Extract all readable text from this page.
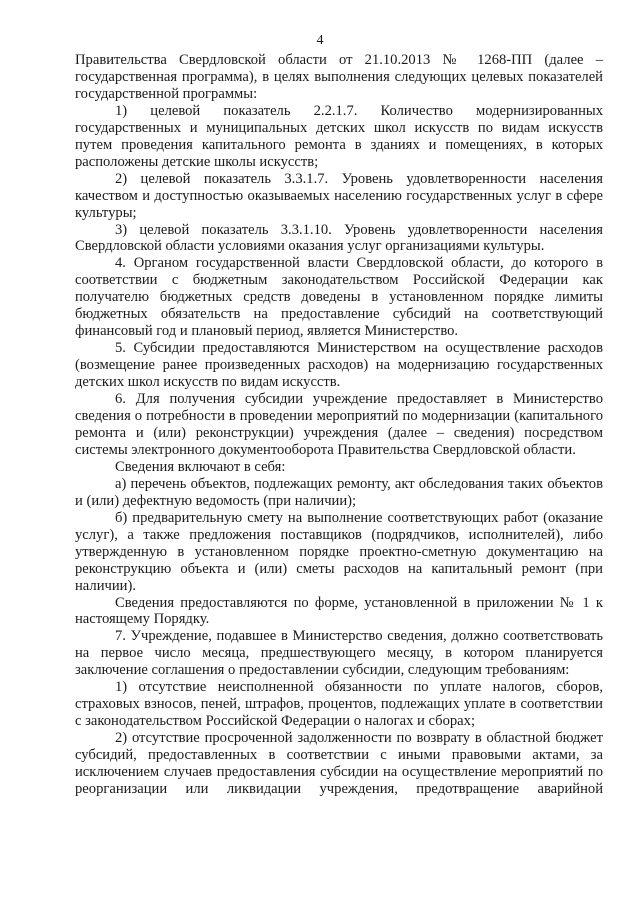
4

Правительства Свердловской области от 21.10.2013 № 1268-ПП (далее – государственная программа), в целях выполнения следующих целевых показателей государственной программы:

1) целевой показатель 2.2.1.7. Количество модернизированных государственных и муниципальных детских школ искусств по видам искусств путем проведения капитального ремонта в зданиях и помещениях, в которых расположены детские школы искусств;

2) целевой показатель 3.3.1.7. Уровень удовлетворенности населения качеством и доступностью оказываемых населению государственных услуг в сфере культуры;

3) целевой показатель 3.3.1.10. Уровень удовлетворенности населения Свердловской области условиями оказания услуг организациями культуры.

4. Органом государственной власти Свердловской области, до которого в соответствии с бюджетным законодательством Российской Федерации как получателю бюджетных средств доведены в установленном порядке лимиты бюджетных обязательств на предоставление субсидий на соответствующий финансовый год и плановый период, является Министерство.

5. Субсидии предоставляются Министерством на осуществление расходов (возмещение ранее произведенных расходов) на модернизацию государственных детских школ искусств по видам искусств.

6. Для получения субсидии учреждение предоставляет в Министерство сведения о потребности в проведении мероприятий по модернизации (капитального ремонта и (или) реконструкции) учреждения (далее – сведения) посредством системы электронного документооборота Правительства Свердловской области.

Сведения включают в себя:

а) перечень объектов, подлежащих ремонту, акт обследования таких объектов и (или) дефектную ведомость (при наличии);

б) предварительную смету на выполнение соответствующих работ (оказание услуг), а также предложения поставщиков (подрядчиков, исполнителей), либо утвержденную в установленном порядке проектно-сметную документацию на реконструкцию объекта и (или) сметы расходов на капитальный ремонт (при наличии).

Сведения предоставляются по форме, установленной в приложении № 1 к настоящему Порядку.

7. Учреждение, подавшее в Министерство сведения, должно соответствовать на первое число месяца, предшествующего месяцу, в котором планируется заключение соглашения о предоставлении субсидии, следующим требованиям:

1) отсутствие неисполненной обязанности по уплате налогов, сборов, страховых взносов, пеней, штрафов, процентов, подлежащих уплате в соответствии с законодательством Российской Федерации о налогах и сборах;

2) отсутствие просроченной задолженности по возврату в областной бюджет субсидий, предоставленных в соответствии с иными правовыми актами, за исключением случаев предоставления субсидии на осуществление мероприятий по реорганизации или ликвидации учреждения, предотвращение аварийной
